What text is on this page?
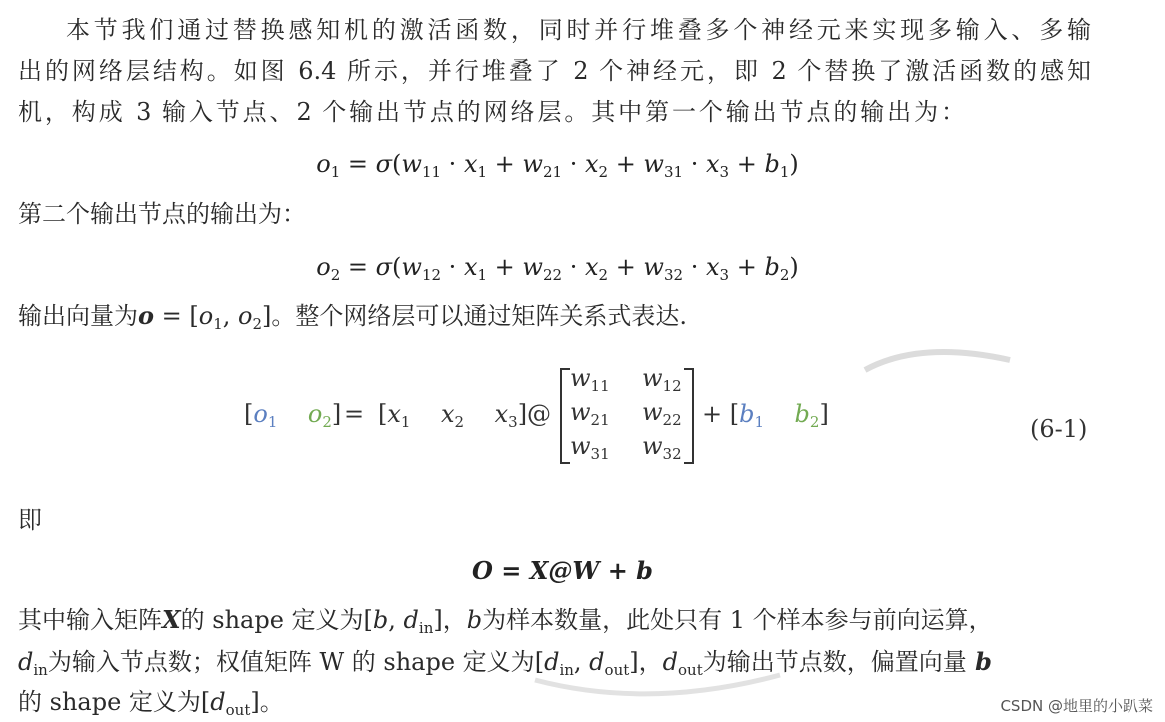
本节我们通过替换感知机的激活函数，同时并行堆叠多个神经元来实现多输入、多输
出的网络层结构。如图 6.4 所示，并行堆叠了 2 个神经元，即 2 个替换了激活函数的感知
机，构成 3 输入节点、2 个输出节点的网络层。其中第一个输出节点的输出为：
$o_1 = \sigma(w_{11} \cdot x_1 + w_{21} \cdot x_2 + w_{31} \cdot x_3 + b_1)$
第二个输出节点的输出为：
$o_2 = \sigma(w_{12} \cdot x_1 + w_{22} \cdot x_2 + w_{32} \cdot x_3 + b_2)$
输出向量为$o = [o_1$, $o_2$]。整个网络层可以通过矩阵关系式表达.
[$o_1$ $o_2] = [x_1$    $x_2$    $x_3]@$
$w_{11}$ $w_{12}$
$w_{21}$ $w_{22}$
$w_{31}$ $w_{32}$
+ [$b_1$ $b_2$]
(6-1)
即
O = X@W + b
其中输入矩阵X的 shape 定义为[b, $d_{in}$]，b为样本数量，此处只有 1 个样本参与前向运算，
$d_{in}$为输入节点数；权值矩阵 W 的 shape 定义为[$d_{in}$, $d_{out}$]，$d_{out}$为输出节点数，偏置向量 b
的 shape 定义为$[d_{out}]$。	CSDN @地里的小趴菜
